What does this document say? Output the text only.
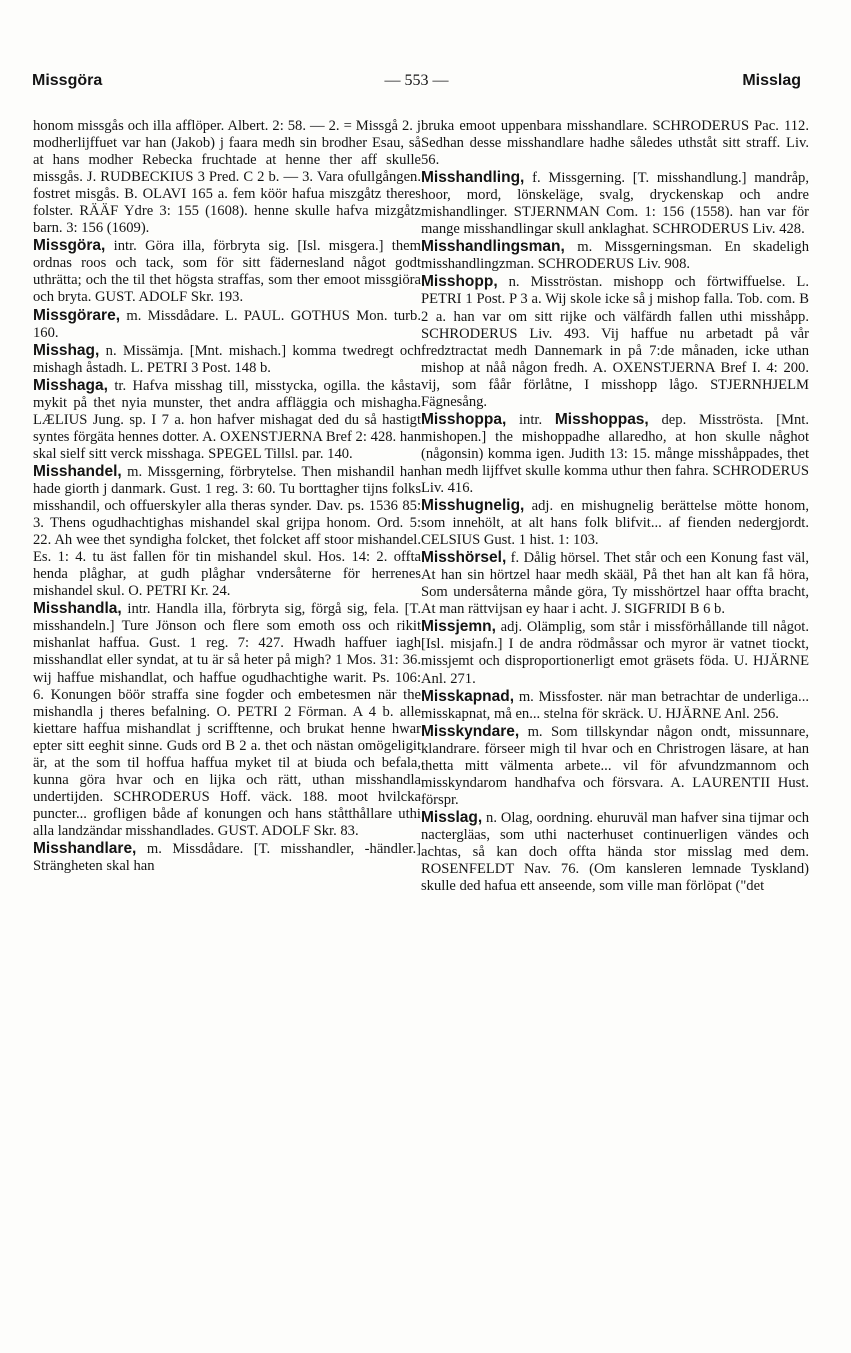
Missgöra	— 553 —	Misslag

honom missgås och illa afflöper. Albert. 2: 58. — 2. = Missgå 2. j modherlijffuet var han (Jakob) j faara medh sin brodher Esau, så at hans modher Rebecka fruchtade at henne ther aff skulle missgås. J. RUDBECKIUS 3 Pred. C 2 b. — 3. Vara ofullgången. fostret misgås. B. OLAVI 165 a. fem köör hafua miszgåtz theres folster. RÄÄF Ydre 3: 155 (1608). henne skulle hafva mizgåtz barn. 3: 156 (1609).

Missgöra, intr. Göra illa, förbryta sig. [Isl. misgera.] them ordnas roos och tack, som för sitt fädernesland något godt uthrätta; och the til thet högsta straffas, som ther emoot missgiöra och bryta. GUST. ADOLF Skr. 193.

Missgörare, m. Missdådare. L. PAUL. GOTHUS Mon. turb. 160.

Misshag, n. Missämja. [Mnt. mishach.] komma twedregt och mishagh åstadh. L. PETRI 3 Post. 148 b.

Misshaga, tr. Hafva misshag till, misstycka, ogilla. the kåsta mykit på thet nyia munster, thet andra affläggia och mishagha. LÆLIUS Jung. sp. I 7 a. hon hafver mishagat ded du så hastigt syntes förgäta hennes dotter. A. OXENSTJERNA Bref 2: 428. han skal sielf sitt verck misshaga. SPEGEL Tillsl. par. 140.

Misshandel, m. Missgerning, förbrytelse. Then mishandil han hade giorth j danmark. Gust. 1 reg. 3: 60. Tu borttagher tijns folks misshandil, och offuerskyler alla theras synder. Dav. ps. 1536 85: 3. Thens ogudhachtighas mishandel skal grijpa honom. Ord. 5: 22. Ah wee thet syndigha folcket, thet folcket aff stoor mishandel. Es. 1: 4. tu äst fallen för tin mishandel skul. Hos. 14: 2. offta henda plåghar, at gudh plåghar vndersåterne för herrenes mishandel skul. O. PETRI Kr. 24.

Misshandla, intr. Handla illa, förbryta sig, förgå sig, fela. [T. misshandeln.] Ture Jönson och flere som emoth oss och rikit mishanlat haffua. Gust. 1 reg. 7: 427. Hwadh haffuer iagh misshandlat eller syndat, at tu är så heter på migh? 1 Mos. 31: 36. wij haffue mishandlat, och haffue ogudhachtighe warit. Ps. 106: 6. Konungen böör straffa sine fogder och embetesmen när the mishandla j theres befalning. O. PETRI 2 Förman. A 4 b. alle kiettare haffua mishandlat j scrifftenne, och brukat henne hwar epter sitt eeghit sinne. Guds ord B 2 a. thet och nästan omögeligit är, at the som til hoffua haffua myket til at biuda och befala, kunna göra hvar och en lijka och rätt, uthan misshandla undertijden. SCHRODERUS Hoff. väck. 188. moot hvilcka puncter... grofligen både af konungen och hans ståtthållare uthi alla landzändar misshandlades. GUST. ADOLF Skr. 83.

Misshandlare, m. Missdådare. [T. misshandler, -händler.] Strängheten skal han

bruka emoot uppenbara misshandlare. SCHRODERUS Pac. 112. Sedhan desse misshandlare hadhe således uthståt sitt straff. Liv. 56.

Misshandling, f. Missgerning. [T. misshandlung.] mandråp, hoor, mord, lönskeläge, svalg, dryckenskap och andre mishandlinger. STJERNMAN Com. 1: 156 (1558). han var för mange misshandlingar skull anklaghat. SCHRODERUS Liv. 428.

Misshandlingsman, m. Missgerningsman. En skadeligh misshandlingzman. SCHRODERUS Liv. 908.

Misshopp, n. Misströstan. mishopp och förtwiffuelse. L. PETRI 1 Post. P 3 a. Wij skole icke så j mishop falla. Tob. com. B 2 a. han var om sitt rijke och välfärdh fallen uthi misshåpp. SCHRODERUS Liv. 493. Vij haffue nu arbetadt på vår fredztractat medh Dannemark in på 7:de månaden, icke uthan mishop at nåå någon fredh. A. OXENSTJERNA Bref I. 4: 200. vij, som fåår förlåtne, I misshopp lågo. STJERNHJELM Fägnesång.

Misshoppa, intr. Misshoppas, dep. Misströsta. [Mnt. mishopen.] the mishoppadhe allaredho, at hon skulle någhot (någonsin) komma igen. Judith 13: 15. månge misshåppades, thet han medh lijffvet skulle komma uthur then fahra. SCHRODERUS Liv. 416.

Misshugnelig, adj. en mishugnelig berättelse mötte honom, som innehölt, at alt hans folk blifvit... af fienden nedergjordt. CELSIUS Gust. 1 hist. 1: 103.

Misshörsel, f. Dålig hörsel. Thet står och een Konung fast väl, At han sin hörtzel haar medh skääl, På thet han alt kan få höra, Som undersåterna månde göra, Ty misshörtzel haar offta bracht, At man rättvijsan ey haar i acht. J. SIGFRIDI B 6 b.

Missjemn, adj. Olämplig, som står i missförhållande till något. [Isl. misjafn.] I de andra rödmåssar och myror är vatnet tiockt, missjemt och disproportionerligt emot gräsets föda. U. HJÄRNE Anl. 271.

Misskapnad, m. Missfoster. när man betrachtar de underliga... misskapnat, må en... stelna för skräck. U. HJÄRNE Anl. 256.

Misskyndare, m. Som tillskyndar någon ondt, missunnare, klandrare. förseer migh til hvar och en Christrogen läsare, at han thetta mitt välmenta arbete... vil för afvundzmannom och misskyndarom handhafva och försvara. A. LAURENTII Hust. förspr.

Misslag, n. Olag, oordning. ehuruväl man hafver sina tijmar och nactergläas, som uthi nacterhuset continuerligen vändes och achtas, så kan doch offta hända stor misslag med dem. ROSENFELDT Nav. 76. (Om kansleren lemnade Tyskland) skulle ded hafua ett anseende, som ville man förlöpat ("det
